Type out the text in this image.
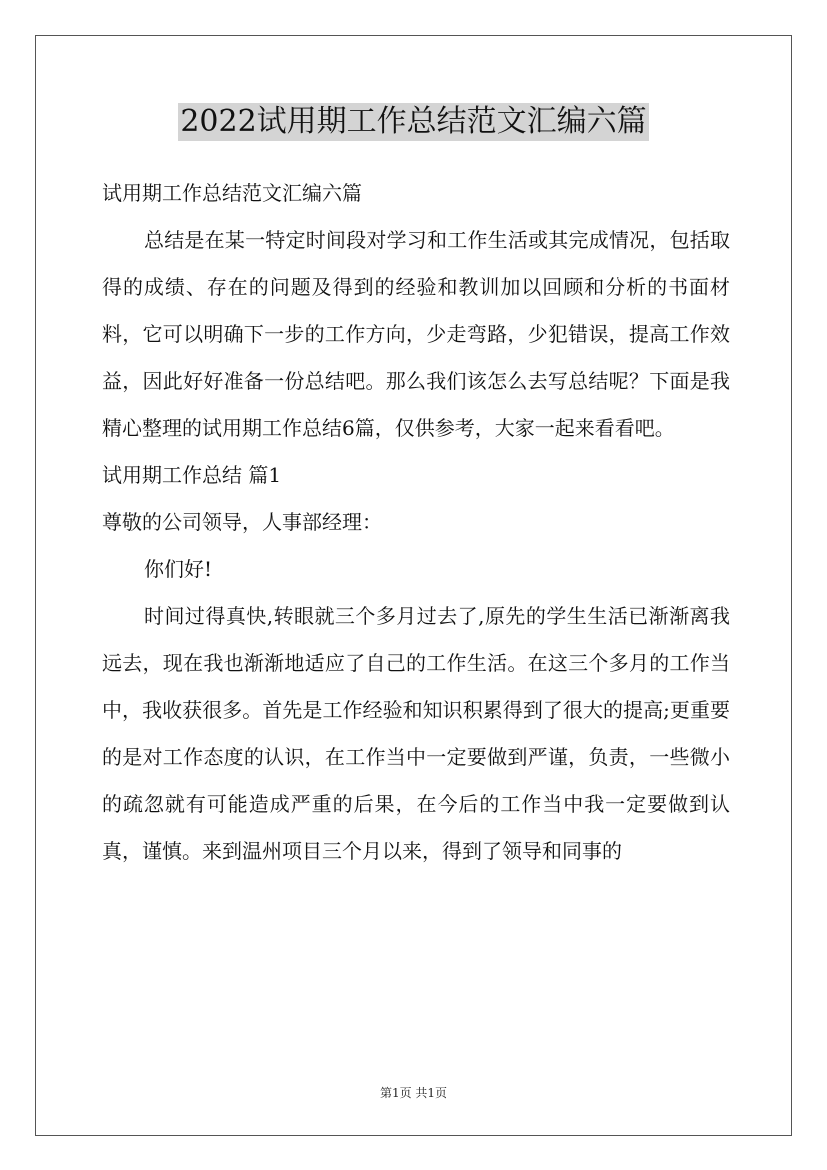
2022试用期工作总结范文汇编六篇

试用期工作总结范文汇编六篇

总结是在某一特定时间段对学习和工作生活或其完成情况，包括取得的成绩、存在的问题及得到的经验和教训加以回顾和分析的书面材料，它可以明确下一步的工作方向，少走弯路，少犯错误，提高工作效益，因此好好准备一份总结吧。那么我们该怎么去写总结呢？下面是我精心整理的试用期工作总结6篇，仅供参考，大家一起来看看吧。

试用期工作总结 篇1

尊敬的公司领导，人事部经理：

你们好!

时间过得真快,转眼就三个多月过去了,原先的学生生活已渐渐离我远去，现在我也渐渐地适应了自己的工作生活。在这三个多月的工作当中，我收获很多。首先是工作经验和知识积累得到了很大的提高;更重要的是对工作态度的认识，在工作当中一定要做到严谨，负责，一些微小的疏忽就有可能造成严重的后果，在今后的工作当中我一定要做到认真，谨慎。来到温州项目三个月以来，得到了领导和同事的

第1页 共1页
